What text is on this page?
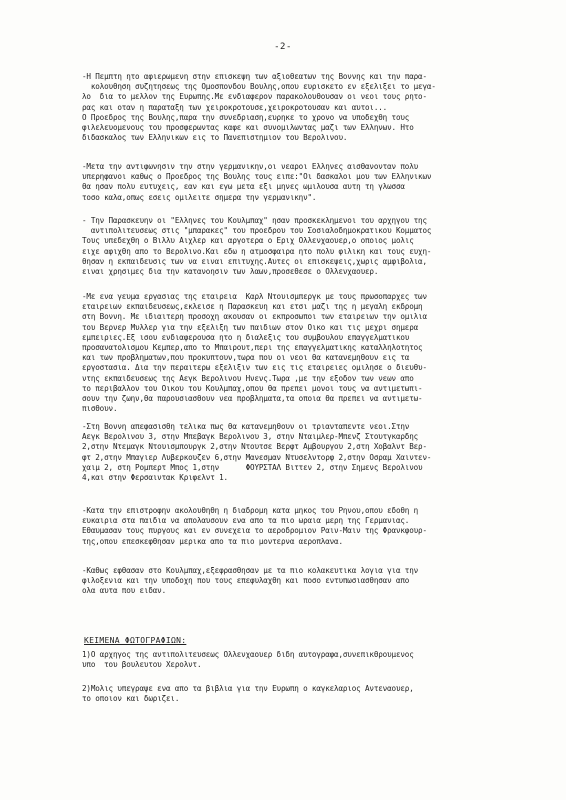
-2-
-Η Πεμπτη ητο αφιερωμενη στην επισκεψη των αξιοθεατων της Βοννης και την παρα-
κολουθηση συζητησεως της Ομοσπονδου Βουλης,οπου ευρισκετο εν εξελιξει το μεγα-
λο  δια το μελλον της Ευρωπης.Με ενδιαφερον παρακολουθουσαν οι νεοι τους ρητο-
ρας και οταν η παραταξη των χειροκροτουσε,χειροκροτουσαν και αυτοι...
Ο Προεδρος της Βουλης,παρα την συνεδριαση,ευρηκε το χρονο να υποδεχθη τους
φιλελευομενους του προσφερωντας καφε και συνομιλωντας μαζι των Ελληνων. Ητο
διδασκαλος των Ελληνικων εις το Πανεπιστημιον του Βερολινου.
-Μετα την αντιφωνησιν την στην γερμανικην,οι νεαροι Ελληνες αισθανονταν πολυ
υπερηφανοι καθως ο Προεδρος της Βουλης τους ειπε:"Οι δασκαλοι μου των Ελληνικων
θα ησαν πολυ ευτυχεις, εαν και εγω μετα εξι μηνες ωμιλουσα αυτη τη γλωσσα
τοσο καλα,οπως εσεις ομιλειτε σημερα την γερμανικην".
- Την Παρασκευην οι "Ελληνες του Κουλμπαχ" ησαν προσκεκλημενοι του αρχηγου της
αντιπολιτευσεως στις "μπαρακες" του προεδρου του Σοσιαλοδημοκρατικου Κομματος
Τους υπεδεχθη ο Βιλλυ Αιχλερ και αργοτερα ο Εριχ Ολλενχαουερ,ο οποιος μολις
ειχε αφιχθη απο το Βερολινο.Και εδω η ατμοσφαιρα ητο πολυ φιλικη και τους ευχη-
θησαν η εκπαιδευσις των να ειναι επιτυχης.Αυτες οι επισκεψεις,χωρις αμφιβολια,
ειναι χρησιμες δια την κατανοησιν των λαων,προσεθεσε ο Ολλενχαουερ.
-Με ενα γευμα εργασιας της εταιρεια  Καρλ Ντουισμπεργκ με τους πρωσοπαρχες των
εταιρειων εκπαιδευσεως,εκλεισε η Παρασκευη και ετσι μαζι της η μεγαλη εκδρομη
στη Βοννη. Με ιδιαιτερη προσοχη ακουσαν οι εκπροσωποι των εταιρειων την ομιλια
του Βερνερ Μυλλερ για την εξελιξη των παιδιων στον Οικο και τις μεχρι σημερα
εμπειριες.Εξ ισου ενδιαφερουσα ητο η διαλεξις του συμβουλου επαγγελματικου
προσανατολισμου Κεμπερ,απο το Μπαιρουτ,περι της επαγγελματικης καταλληλοτητος
και των προβληματων,που προκυπτουν,τωρα που οι νεοι θα κατανεμηθουν εις τα
εργοστασια. Δια την περαιτερω εξελιξιν των εις τις εταιρειες ομιλησε ο διευθυ-
ντης εκπαιδευσεως της Αεγκ Βερολινου Ηνενς.Τωρα ,με την εξοδον των νεων απο
το περιβαλλον του Οικου του Κουλμπαχ,οπου θα πρεπει μονοι τους να αντιμετωπι-
σουν την ζωην,θα παρουσιασθουν νεα προβληματα,τα οποια θα πρεπει να αντιμετω-
πισθουν.
-Στη Βοννη απεφασισθη τελικα πως θα κατανεμηθουν οι τριανταπεντε νεοι.Στην
Αεγκ Βερολινου 3, στην Μπεβαγκ Βερολινου 3, στην Νταιμλερ-Μπενζ Στουτγκαρδης
2,στην Ντεμαγκ Ντουισμπουργκ 2,στην Ντουτσε Βερφτ Αμβουργου 2,στη Χοβαλντ Βερ-
φτ 2,στην Μπαγιερ Λυβερκουζεν 6,στην Μανεσμαν Ντυσελντορφ 2,στην Οσραμ Χαιντεν-
χαιμ 2, στη Ρομπερτ Μπος 1,στην      ΦΟΥΡΣΤΑΛ Βιττεν 2, στην Σημενς Βερολινου
4,και στην Φερσαιντακ Κριφελντ 1.
-Κατα την επιστροφην ακολουθηθη η διαδρομη κατα μηκος του Ρηνου,οπου εδοθη η
ευκαιρια στα παιδια να απολαυσουν ενα απο τα πιο ωραια μερη της Γερμανιας.
Εθαυμασαν τους πυργους και εν συνεχεια το αεροδρομιον Ραιν-Μαιν της Φρανκφουρ-
της,οπου επεσκεφθησαν μερικα απο τα πιο μοντερνα αεροπλανα.
-Καθως εφθασαν στο Κουλμπαχ,εξεφρασθησαν με τα πιο κολακευτικα λογια για την
φιλοξενια και την υποδοχη που τους επεφυλαχθη και ποσο εντυπωσιασθησαν απο
ολα αυτα που ειδαν.
ΚΕΙΜΕΝΑ ΦΩΤΟΓΡΑΦΙΩΝ:
1)Ο αρχηγος της αντιπολιτευσεως Ολλενχαουερ διδη αυτογραφα,συνεπικθρουμενος
υπο  του βουλευτου Χερολντ.
2)Μολις υπεγραψε ενα απο τα βιβλια για την Ευρωπη ο καγκελαριος Αντεναουερ,
το οποιον και δωριζει.
